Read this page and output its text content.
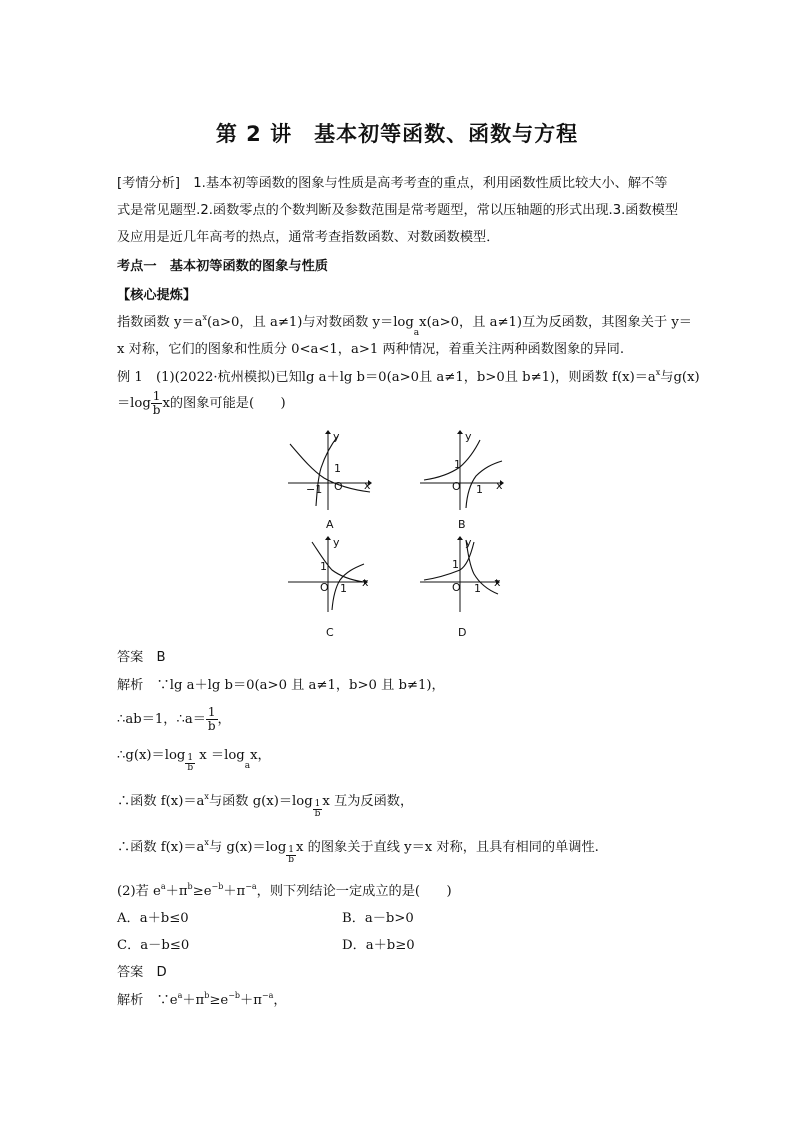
第 2 讲　基本初等函数、函数与方程

[考情分析]　 1.基本初等函数的图象与性质是高考考查的重点，利用函数性质比较大小、解不等式是常见题型.2.函数零点的个数判断及参数范围是常考题型，常以压轴题的形式出现.3.函数模型及应用是近几年高考的热点，通常考查指数函数、对数函数模型．

考点一　基本初等函数的图象与性质
【核心提炼】
指数函数 $y=a^x(a>0$，且 a≠1)与对数函数 $y=\log_ax(a>0$，且 a≠1)互为反函数，其图象关于 y＝
x 对称，它们的图象和性质分 0<a<1，a>1 两种情况，着重关注两种函数图象的异同.
例 1　(1)(2022·杭州模拟)已知lg a＋lg b＝0(a>0且 a≠1，b>0且 b≠1)，则函数 $f(x)=a^x$与g(x)
$=\log \frac{1}{b}$ x的图象可能是(　　)
y
1
O
−1	x
A
y
1
O 1 x
B
y
1
O 1 x
C
y
1
O 1 x
D
答案　B
解析　∵lg a＋lg b＝0(a>0 且 a≠1，b>0 且 b≠1)，
∴ab＝1，∴a＝ $\frac{1}{b}$ ，
∴g(x)＝log $\frac{1}{b}$ $x =\log_ax$，
∴函数 $f(x)=a^x$与函数 $g(x)=\log \frac{1}{b}$ x 互为反函数，
∴函数 $f(x)=a^x$与 $g(x)=\log \frac{1}{b}$ x 的图象关于直线 y＝x 对称，且具有相同的单调性.
(2)若 $e^a+\pi^b\ge e^{-b}+\pi^{-a}$，则下列结论一定成立的是(　　)
A．a＋b≤0	B．a－b>0
C．a－b≤0	D．a＋b≥0
答案　D
解析　$\because e^a+\pi^b\ge e^{-b}+\pi^{-a}$，
